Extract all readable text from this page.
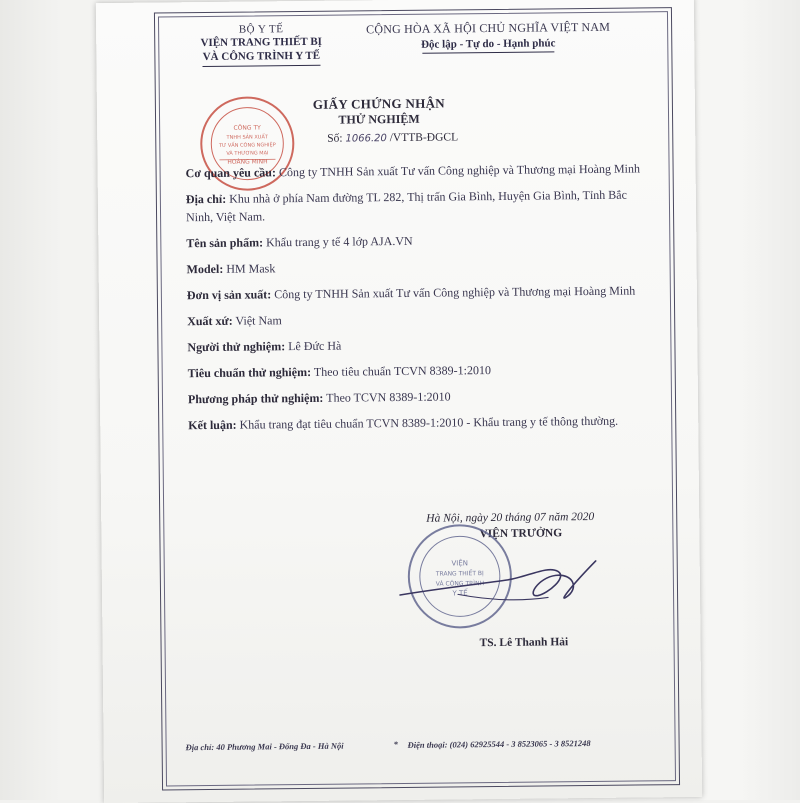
BỘ Y TẾ
VIỆN TRANG THIẾT BỊ
VÀ CÔNG TRÌNH Y TẾ
CỘNG HÒA XÃ HỘI CHỦ NGHĨA VIỆT NAM
Độc lập - Tự do - Hạnh phúc
CÔNG TY
TNHH SẢN XUẤT
TƯ VẤN CÔNG NGHIỆP
VÀ THƯƠNG MẠI
HOÀNG MINH
GIẤY CHỨNG NHẬN
THỬ NGHIỆM
Số: 1066.20 /VTTB-ĐGCL
Cơ quan yêu cầu: Công ty TNHH Sản xuất Tư vấn Công nghiệp và Thương mại Hoàng Minh
Địa chỉ: Khu nhà ở phía Nam đường TL 282, Thị trấn Gia Bình, Huyện Gia Bình, Tỉnh Bắc Ninh, Việt Nam.
Tên sản phẩm: Khẩu trang y tế 4 lớp AJA.VN
Model: HM Mask
Đơn vị sản xuất: Công ty TNHH Sản xuất Tư vấn Công nghiệp và Thương mại Hoàng Minh
Xuất xứ: Việt Nam
Người thử nghiệm: Lê Đức Hà
Tiêu chuẩn thử nghiệm: Theo tiêu chuẩn TCVN 8389-1:2010
Phương pháp thử nghiệm: Theo TCVN 8389-1:2010
Kết luận: Khẩu trang đạt tiêu chuẩn TCVN 8389-1:2010 - Khẩu trang y tế thông thường.
Hà Nội, ngày 20 tháng 07 năm 2020
VIỆN TRƯỞNG
VIỆN
TRANG THIẾT BỊ
VÀ CÔNG TRÌNH
Y TẾ
TS. Lê Thanh Hải
Địa chỉ: 40 Phương Mai - Đống Đa - Hà Nội	* Điện thoại: (024) 62925544 - 3 8523065 - 3 8521248
